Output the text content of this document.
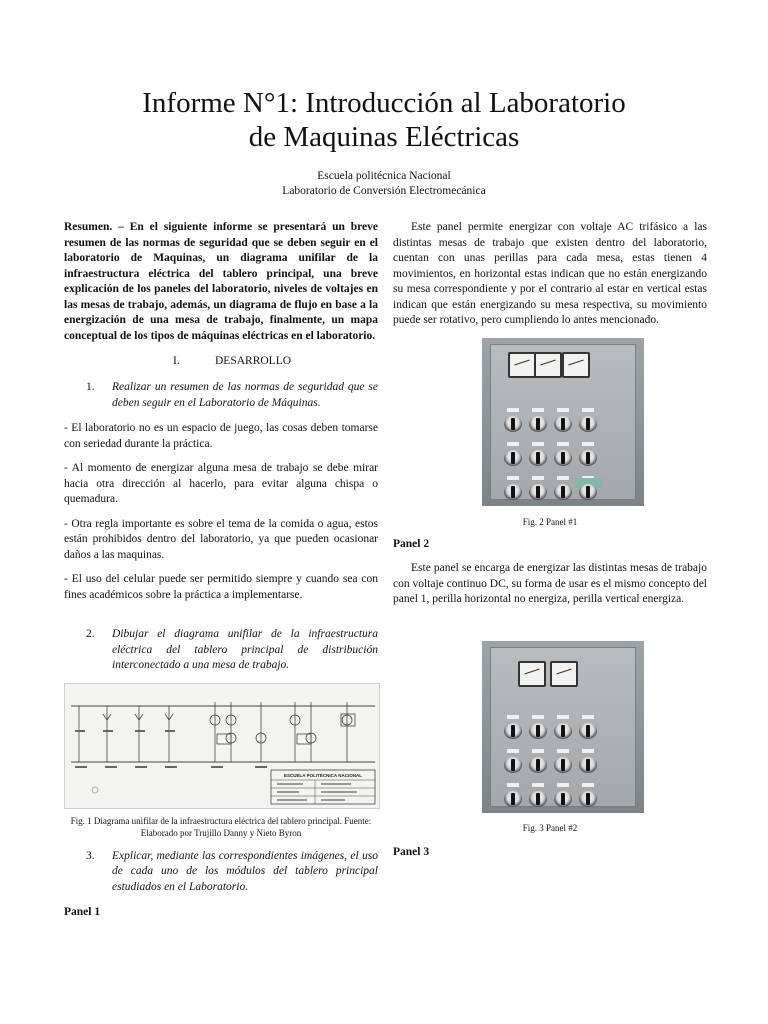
Informe N°1: Introducción al Laboratorio
de Maquinas Eléctricas
Escuela politécnica Nacional
Laboratorio de Conversión Electromecánica

Resumen. – En el siguiente informe se presentará un breve resumen de las normas de seguridad que se deben seguir en el laboratorio de Maquinas, un diagrama unifilar de la infraestructura eléctrica del tablero principal, una breve explicación de los paneles del laboratorio, niveles de voltajes en las mesas de trabajo, además, un diagrama de flujo en base a la energización de una mesa de trabajo, finalmente, un mapa conceptual de los tipos de máquinas eléctricas en el laboratorio.

I.	DESARROLLO
1. Realizar un resumen de las normas de seguridad que se deben seguir en el Laboratorio de Máquinas.

- El laboratorio no es un espacio de juego, las cosas deben tomarse con seriedad durante la práctica.

- Al momento de energizar alguna mesa de trabajo se debe mirar hacia otra dirección al hacerlo, para evitar alguna chispa o quemadura.

- Otra regla importante es sobre el tema de la comida o agua, estos están prohibidos dentro del laboratorio, ya que pueden ocasionar daños a las maquinas.

- El uso del celular puede ser permitido siempre y cuando sea con fines académicos sobre la práctica a implementarse.

2. Dibujar el diagrama unifilar de la infraestructura eléctrica del tablero principal de distribución interconectado a una mesa de trabajo.
ESCUELA POLITÉCNICA NACIONAL

Fig. 1 Diagrama unifilar de la infraestructura eléctrica del tablero principal. Fuente: Elaborado por Trujillo Danny y Nieto Byron

3. Explicar, mediante las correspondientes imágenes, el uso de cada uno de los módulos del tablero principal estudiados en el Laboratorio.

Panel 1

Este panel permite energizar con voltaje AC trifásico a las distintas mesas de trabajo que existen dentro del laboratorio, cuentan con unas perillas para cada mesa, estas tienen 4 movimientos, en horizontal estas indican que no están energizando su mesa correspondiente y por el contrario al estar en vertical estas indican que están energizando su mesa respectiva, su movimiento puede ser rotativo, pero cumpliendo lo antes mencionado.

Fig. 2 Panel #1

Panel 2

Este panel se encarga de energizar las distintas mesas de trabajo con voltaje continuo DC, su forma de usar es el mismo concepto del panel 1, perilla horizontal no energiza, perilla vertical energiza.

Fig. 3 Panel #2

Panel 3
